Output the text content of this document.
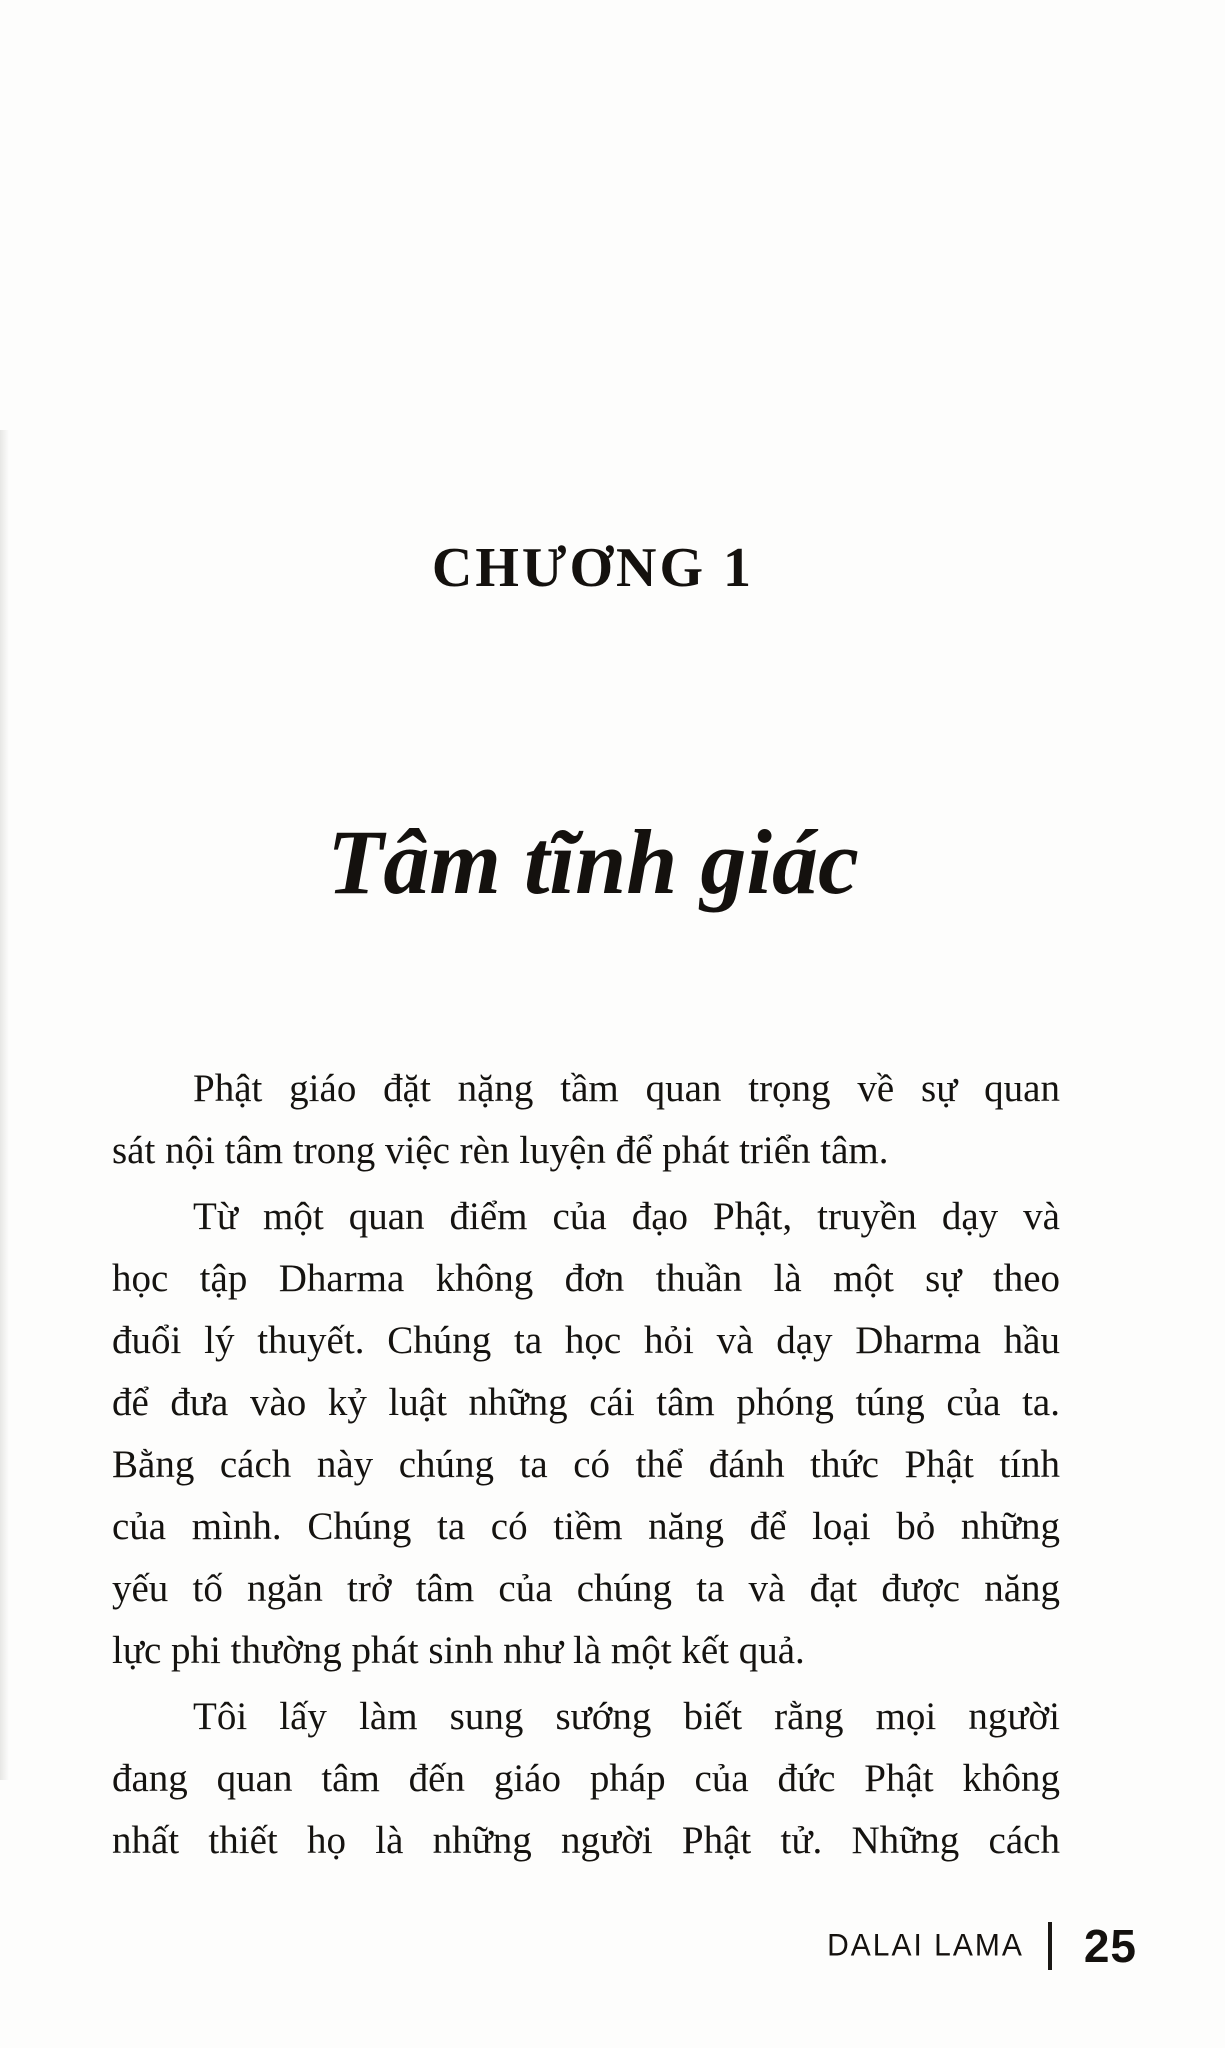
CHƯƠNG 1
Tâm tĩnh giác
Phật giáo đặt nặng tầm quan trọng về sự quan
sát nội tâm trong việc rèn luyện để phát triển tâm.
Từ một quan điểm của đạo Phật, truyền dạy và
học tập Dharma không đơn thuần là một sự theo
đuổi lý thuyết. Chúng ta học hỏi và dạy Dharma hầu
để đưa vào kỷ luật những cái tâm phóng túng của ta.
Bằng cách này chúng ta có thể đánh thức Phật tính
của mình. Chúng ta có tiềm năng để loại bỏ những
yếu tố ngăn trở tâm của chúng ta và đạt được năng
lực phi thường phát sinh như là một kết quả.
Tôi lấy làm sung sướng biết rằng mọi người
đang quan tâm đến giáo pháp của đức Phật không
nhất thiết họ là những người Phật tử. Những cách
DALAI LAMA 25
